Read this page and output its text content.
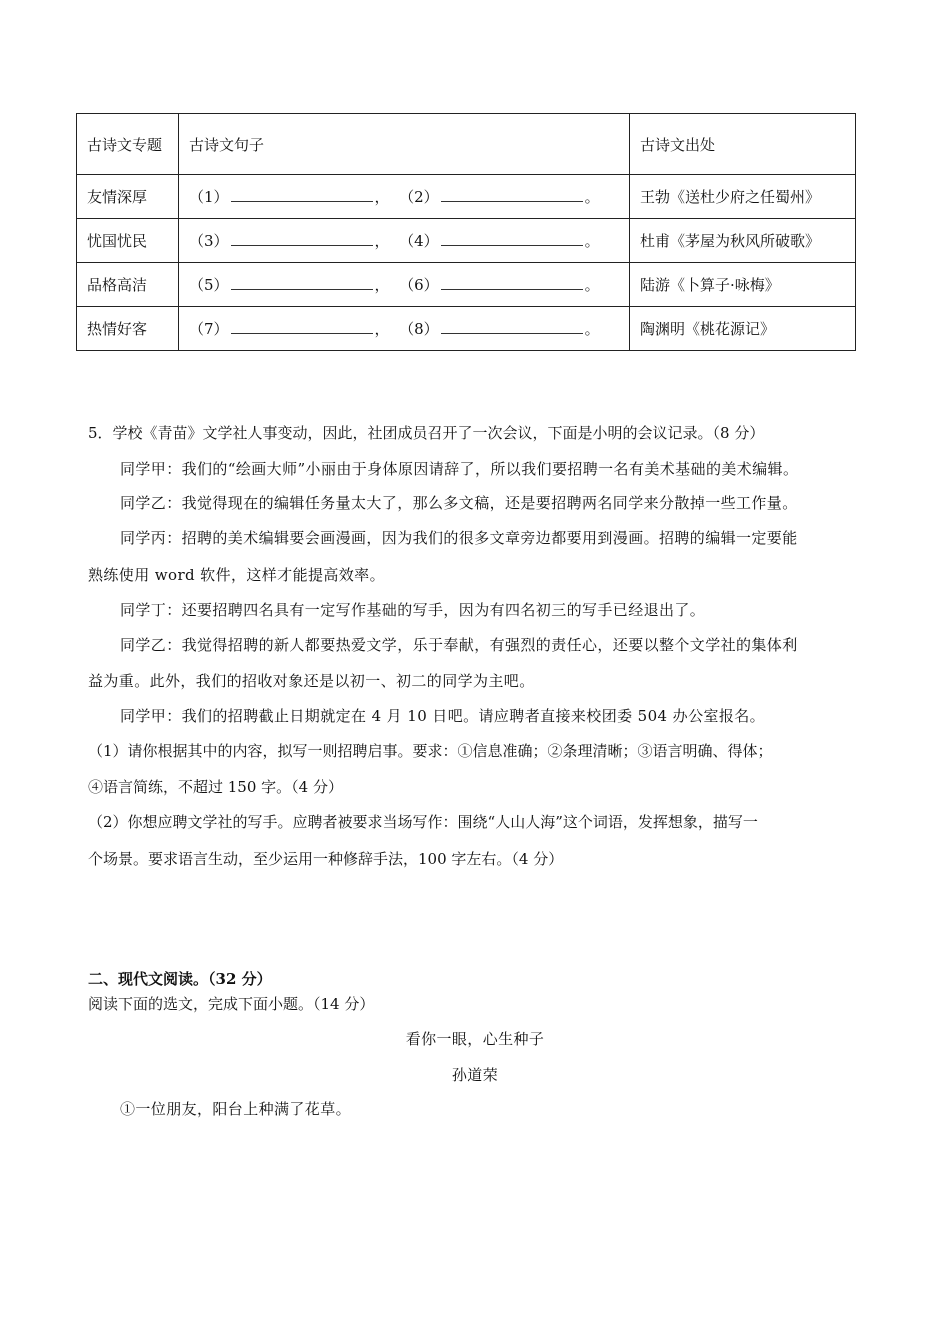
古诗文专题	古诗文句子	古诗文出处
友情深厚	（1） ， （2） 。	王勃《送杜少府之任蜀州》
忧国忧民	（3） ， （4） 。	杜甫《茅屋为秋风所破歌》
品格高洁	（5） ， （6） 。	陆游《卜算子·咏梅》
热情好客	（7） ， （8） 。	陶渊明《桃花源记》
5．学校《青苗》文学社人事变动，因此，社团成员召开了一次会议，下面是小明的会议记录。（8 分）
同学甲：我们的“绘画大师”小丽由于身体原因请辞了，所以我们要招聘一名有美术基础的美术编辑。
同学乙：我觉得现在的编辑任务量太大了，那么多文稿，还是要招聘两名同学来分散掉一些工作量。
同学丙：招聘的美术编辑要会画漫画，因为我们的很多文章旁边都要用到漫画。招聘的编辑一定要能
熟练使用 word 软件，这样才能提高效率。
同学丁：还要招聘四名具有一定写作基础的写手，因为有四名初三的写手已经退出了。
同学乙：我觉得招聘的新人都要热爱文学，乐于奉献，有强烈的责任心，还要以整个文学社的集体利
益为重。此外，我们的招收对象还是以初一、初二的同学为主吧。
同学甲：我们的招聘截止日期就定在 4 月 10 日吧。请应聘者直接来校团委 504 办公室报名。
（1）请你根据其中的内容，拟写一则招聘启事。要求：①信息准确；②条理清晰；③语言明确、得体；
④语言简练，不超过 150 字。（4 分）
（2）你想应聘文学社的写手。应聘者被要求当场写作：围绕“人山人海”这个词语，发挥想象，描写一
个场景。要求语言生动，至少运用一种修辞手法，100 字左右。（4 分）
二、现代文阅读。（32 分）
阅读下面的选文，完成下面小题。（14 分）
看你一眼，心生种子
孙道荣
①一位朋友，阳台上种满了花草。
